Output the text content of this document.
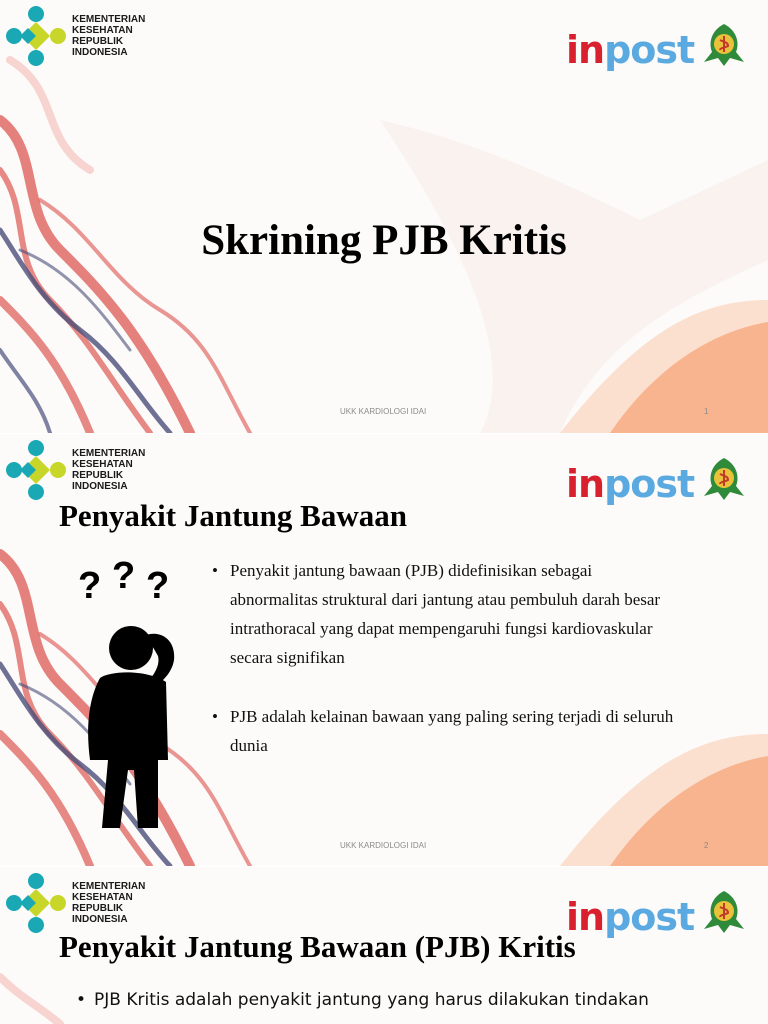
KEMENTERIAN
KESEHATAN
REPUBLIK
INDONESIA	inpost
Skrining PJB Kritis
UKK KARDIOLOGI IDAI	1
KEMENTERIAN
KESEHATAN
REPUBLIK
INDONESIA	inpost
Penyakit Jantung Bawaan
? ? ?
•	Penyakit jantung bawaan (PJB) didefinisikan sebagai abnormalitas struktural dari jantung atau pembuluh darah besar intrathoracal yang dapat mempengaruhi fungsi kardiovaskular secara signifikan
• PJB adalah kelainan bawaan yang paling sering terjadi di seluruh dunia
UKK KARDIOLOGI IDAI	2
KEMENTERIAN
KESEHATAN
REPUBLIK
INDONESIA	inpost
Penyakit Jantung Bawaan (PJB) Kritis
• PJB Kritis adalah penyakit jantung yang harus dilakukan tindakan
